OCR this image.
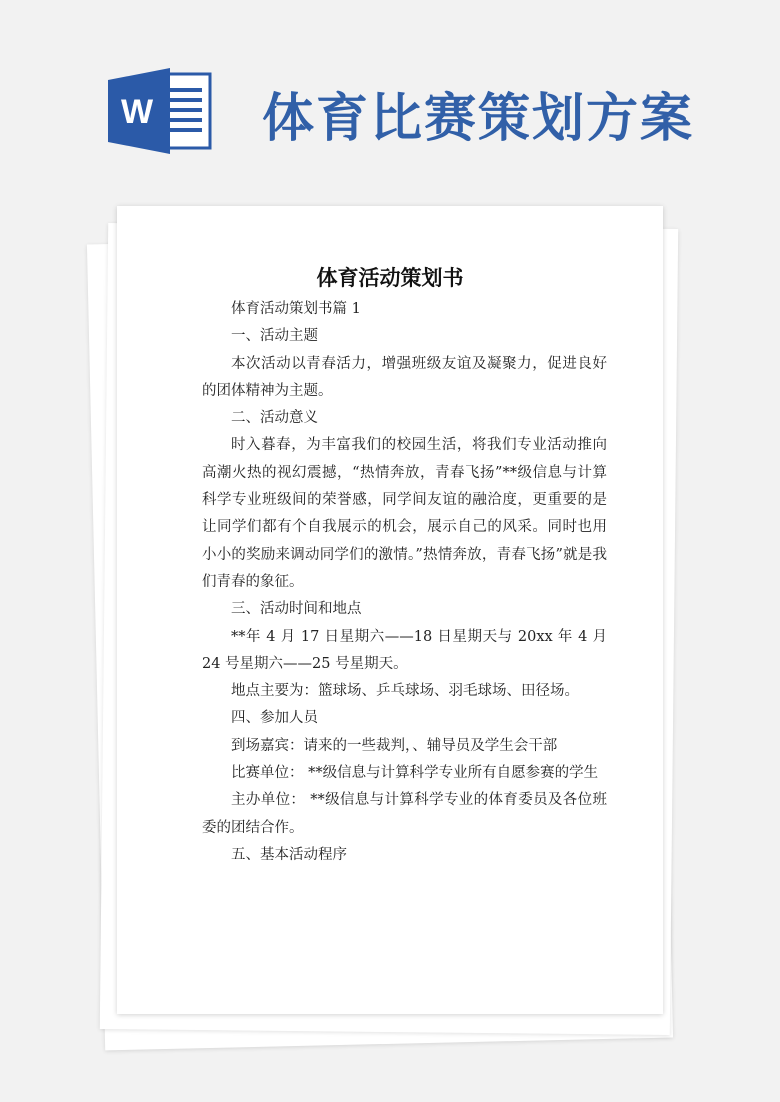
W 体育比赛策划方案
体育活动策划书

体育活动策划书篇 1

一、活动主题

本次活动以青春活力，增强班级友谊及凝聚力，促进良好的团体精神为主题。

二、活动意义

时入暮春，为丰富我们的校园生活，将我们专业活动推向高潮火热的视幻震撼，“热情奔放，青春飞扬”**级信息与计算科学专业班级间的荣誉感，同学间友谊的融洽度，更重要的是让同学们都有个自我展示的机会，展示自己的风采。同时也用小小的奖励来调动同学们的激情。”热情奔放，青春飞扬”就是我们青春的象征。

三、活动时间和地点

**年 4 月 17 日星期六——18 日星期天与 20xx 年 4 月 24 号星期六——25 号星期天。

地点主要为：篮球场、乒乓球场、羽毛球场、田径场。

四、参加人员

到场嘉宾：请来的一些裁判，、辅导员及学生会干部

比赛单位： **级信息与计算科学专业所有自愿参赛的学生

主办单位： **级信息与计算科学专业的体育委员及各位班委的团结合作。

五、基本活动程序
